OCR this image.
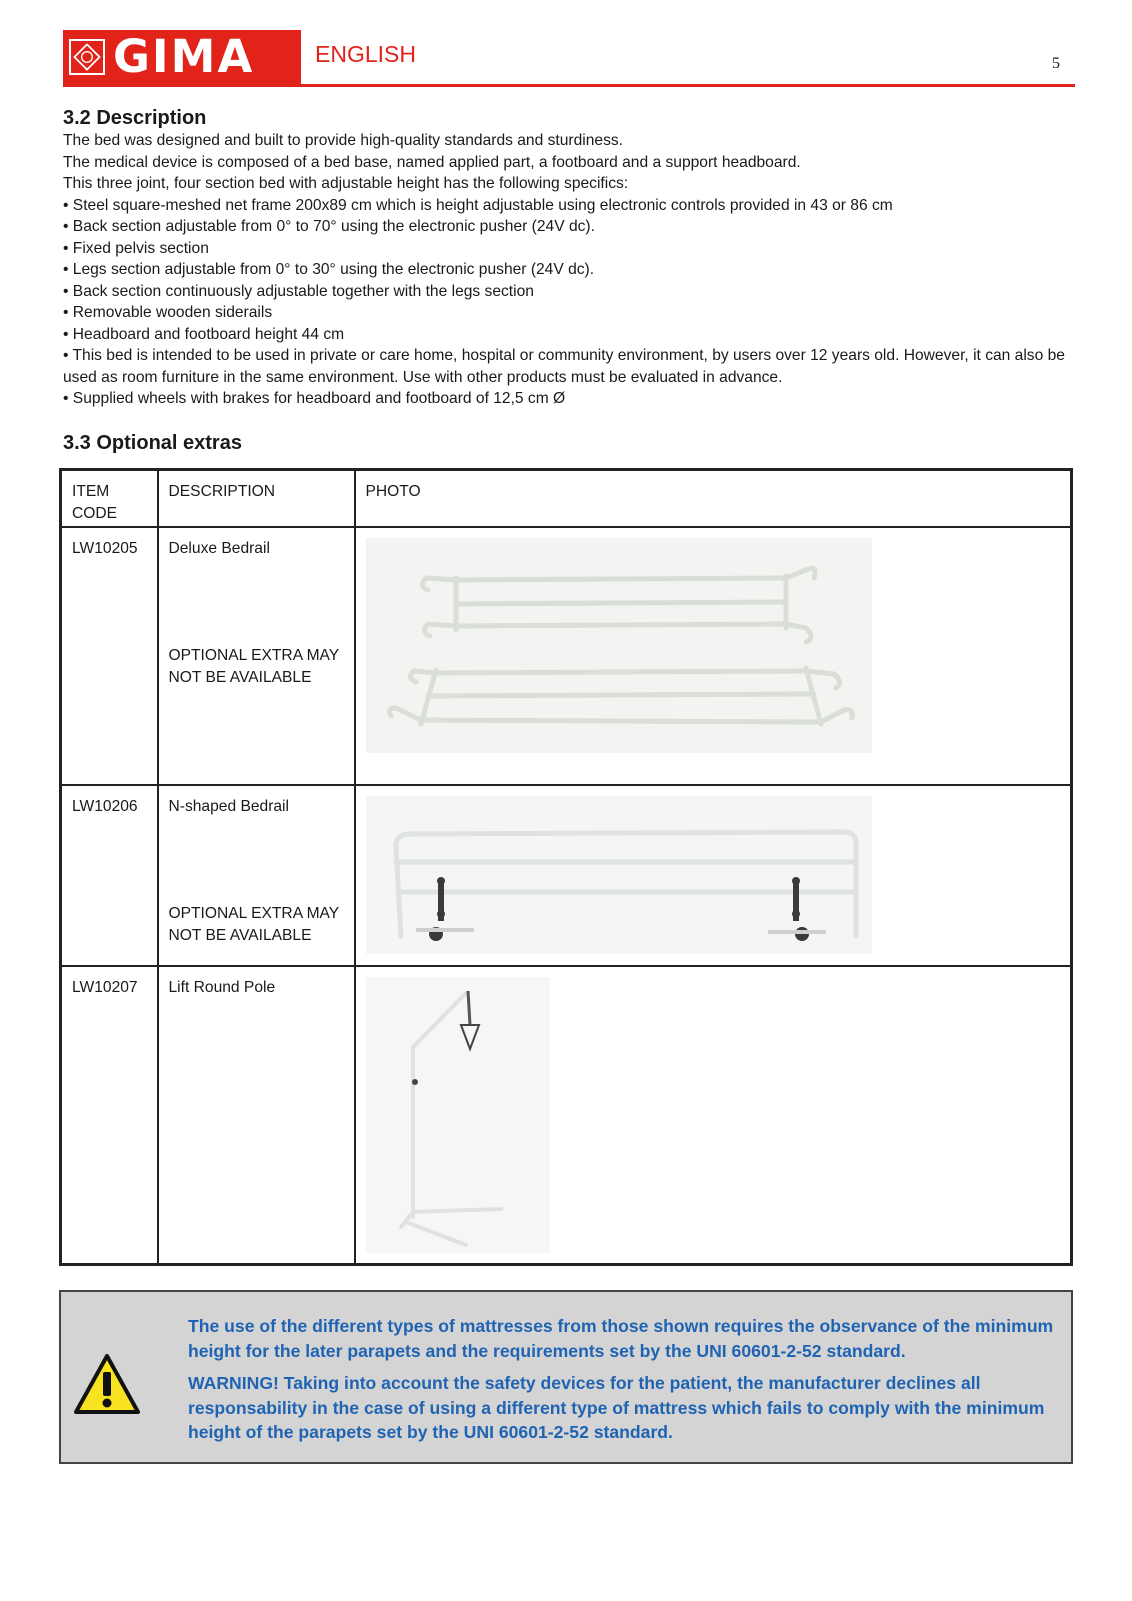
GIMA	ENGLISH	5
3.2 Description
The bed was designed and built to provide high-quality standards and sturdiness.
The medical device is composed of a bed base, named applied part, a footboard and a support headboard.
This three joint, four section bed with adjustable height has the following specifics:
• Steel square-meshed net frame 200x89 cm which is height adjustable using electronic controls provided in 43 or 86 cm
• Back section adjustable from 0° to 70° using the electronic pusher (24V dc).
• Fixed pelvis section
• Legs section adjustable from 0° to 30° using the electronic pusher (24V dc).
• Back section continuously adjustable together with the legs section
• Removable wooden siderails
• Headboard and footboard height 44 cm
• This bed is intended to be used in private or care home, hospital or community environment, by users over 12 years old. However, it can also be used as room furniture in the same environment. Use with other products must be evaluated in advance.
• Supplied wheels with brakes for headboard and footboard of 12,5 cm Ø
3.3 Optional extras
ITEM CODE	DESCRIPTION	PHOTO
LW10205	Deluxe Bedrail
OPTIONAL EXTRA MAY NOT BE AVAILABLE

LW10206	N-shaped Bedrail
OPTIONAL EXTRA MAY NOT BE AVAILABLE

LW10207	Lift Round Pole

The use of the different types of mattresses from those shown requires the observance of the minimum height for the later parapets and the requirements set by the UNI 60601-2-52 standard.

WARNING! Taking into account the safety devices for the patient, the manufacturer declines all responsability in the case of using a different type of mattress which fails to comply with the minimum height of the parapets set by the UNI 60601-2-52 standard.
